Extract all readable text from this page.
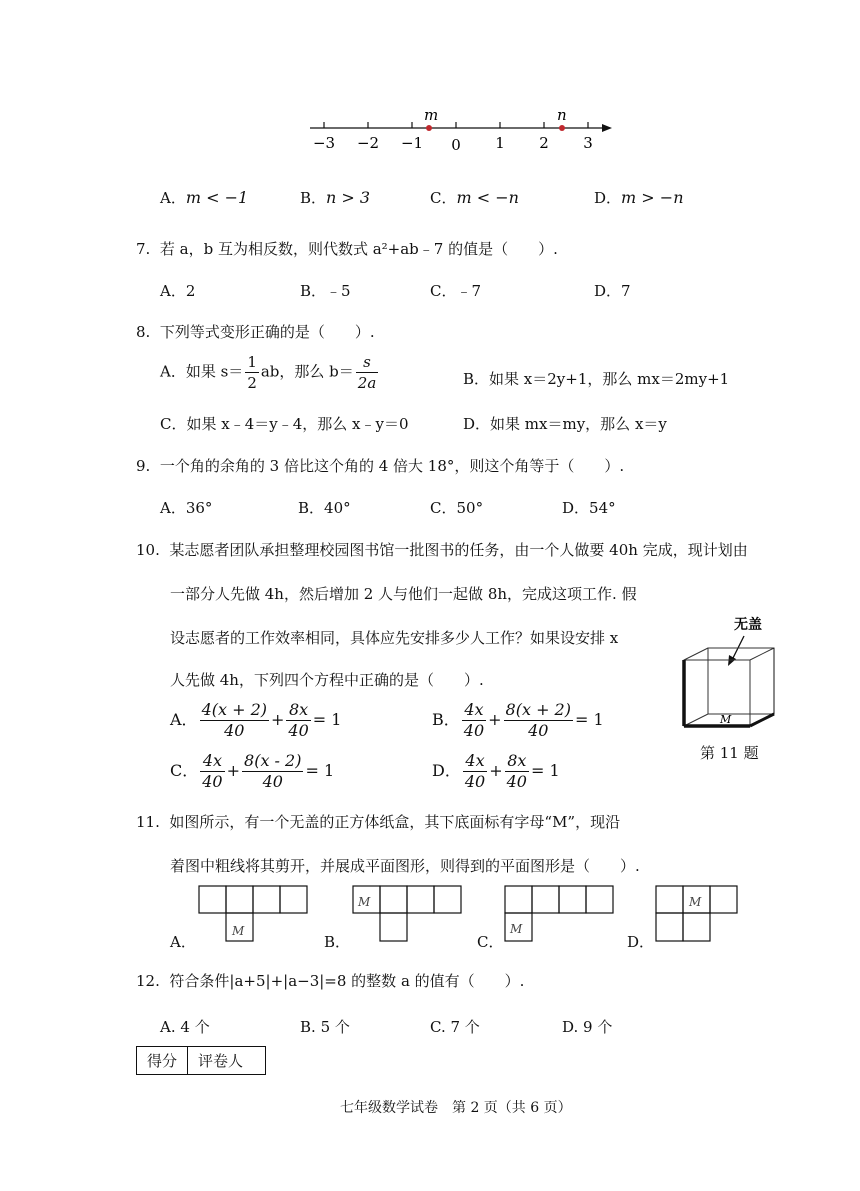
m	n
−3 −2 −1 0 1 2 3
A．m < −1	B．n > 3	C．m < −n	D．m > −n
7. 若 a，b 互为相反数，则代数式 a²+ab﹣7 的值是（　　）.
A．2	B．﹣5	C．﹣7	D．7
8. 下列等式变形正确的是（　　）.
A．如果 $s= \frac{1}{2}$ ab，那么 $b= \frac{s}{2a}$	B．如果 x＝2y+1，那么 mx＝2my+1
C．如果 x﹣4＝y﹣4，那么 x﹣y＝0	D．如果 mx＝my，那么 x＝y
9. 一个角的余角的 3 倍比这个角的 4 倍大 18°，则这个角等于（　　）.
A．36°	B．40°	C．50°	D．54°
10. 某志愿者团队承担整理校园图书馆一批图书的任务，由一个人做要 40h 完成，现计划由
一部分人先做 4h，然后增加 2 人与他们一起做 8h，完成这项工作. 假
设志愿者的工作效率相同，具体应先安排多少人工作？如果设安排 x
人先做 4h，下列四个方程中正确的是（　　）.
A． $\frac{4(x + 2)}{40} + \frac{8x}{40} = 1$	B． $\frac{4x}{40} + \frac{8(x + 2)}{40} = 1$
C． $\frac{4x}{40} + \frac{8(x - 2)}{40} = 1$	D． $\frac{4x}{40} + \frac{8x}{40} = 1$
无盖
M
第 11 题
11. 如图所示，有一个无盖的正方体纸盒，其下底面标有字母“M”，现沿
着图中粗线将其剪开，并展成平面图形，则得到的平面图形是（　　）.
A．
M
B．
M
C．
M
D．
M
12. 符合条件|a+5|+|a−3|=8 的整数 a 的值有（　　）.
A. 4 个	B. 5 个	C. 7 个	D. 9 个
得分	评卷人
七年级数学试卷　第 2 页（共 6 页）
